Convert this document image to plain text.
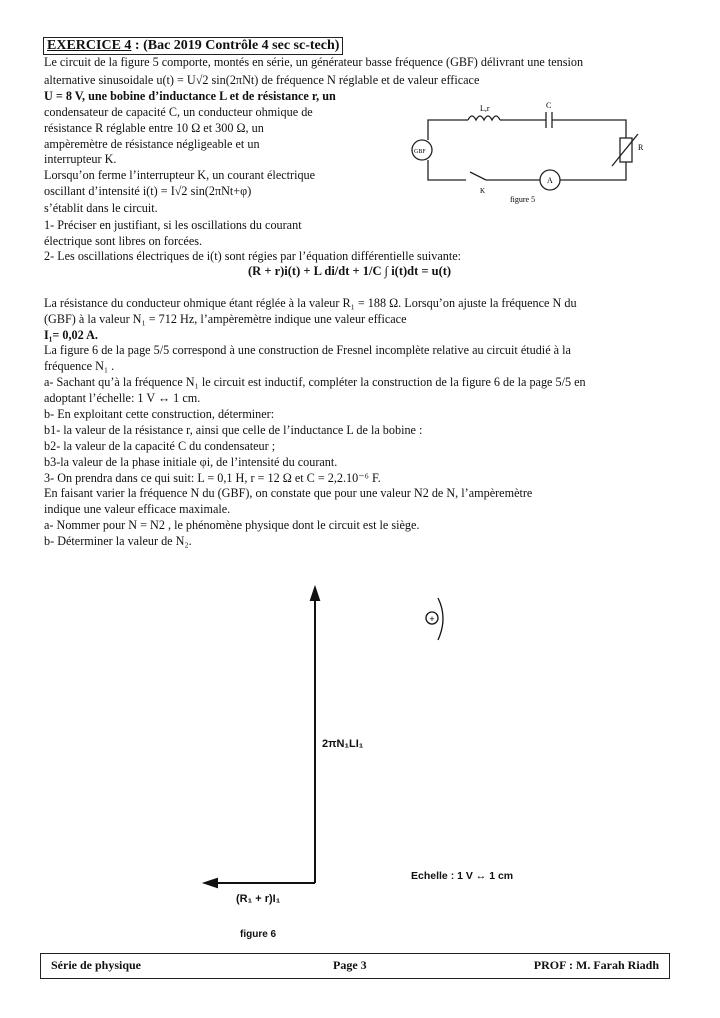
EXERCICE 4 : (Bac 2019 Contrôle 4 sec sc-tech)
Le circuit de la figure 5 comporte, montés en série, un générateur basse fréquence (GBF) délivrant une tension
alternative sinusoidale u(t) = U√2 sin(2πNt) de fréquence N réglable et de valeur efficace
U = 8 V, une bobine d’inductance L et de résistance r, un
condensateur de capacité C, un conducteur ohmique de
résistance R réglable entre 10 Ω et 300 Ω, un
ampèremètre de résistance négligeable et un
interrupteur K.
Lorsqu’on ferme l’interrupteur K, un courant électrique
oscillant d’intensité i(t) = I√2 sin(2πNt+φ)
s’établit dans le circuit.
1- Préciser en justifiant, si les oscillations du courant
électrique sont libres on forcées.
2- Les oscillations électriques de i(t) sont régies par l’équation différentielle suivante:
(R + r)i(t) + L di/dt + 1/C ∫ i(t)dt = u(t)
La résistance du conducteur ohmique étant réglée à la valeur R₁ = 188 Ω. Lorsqu’on ajuste la fréquence N du
(GBF) à la valeur N₁ = 712 Hz, l’ampèremètre indique une valeur efficace
I₁= 0,02 A.
La figure 6 de la page 5/5 correspond à une construction de Fresnel incomplète relative au circuit étudié à la
fréquence N₁ .
a- Sachant qu’à la fréquence N₁ le circuit est inductif, compléter la construction de la figure 6 de la page 5/5 en
adoptant l’échelle: 1 V ↔ 1 cm.
b- En exploitant cette construction, déterminer:
b1- la valeur de la résistance r, ainsi que celle de l’inductance L de la bobine :
b2- la valeur de la capacité C du condensateur ;
b3-la valeur de la phase initiale φi, de l’intensité du courant.
3- On prendra dans ce qui suit: L = 0,1 H, r = 12 Ω et C = 2,2.10⁻⁶ F.
En faisant varier la fréquence N du (GBF), on constate que pour une valeur N2 de N, l’ampèremètre
indique une valeur efficace maximale.
a- Nommer pour N = N2 , le phénomène physique dont le circuit est le siège.
b- Déterminer la valeur de N₂.
L,r	C
R
GBF
A
K
figure 5
+
2πN₁LI₁
(R₁ + r)I₁
Echelle : 1 V ↔ 1 cm
figure 6
Série de physique	Page 3	PROF : M. Farah Riadh
